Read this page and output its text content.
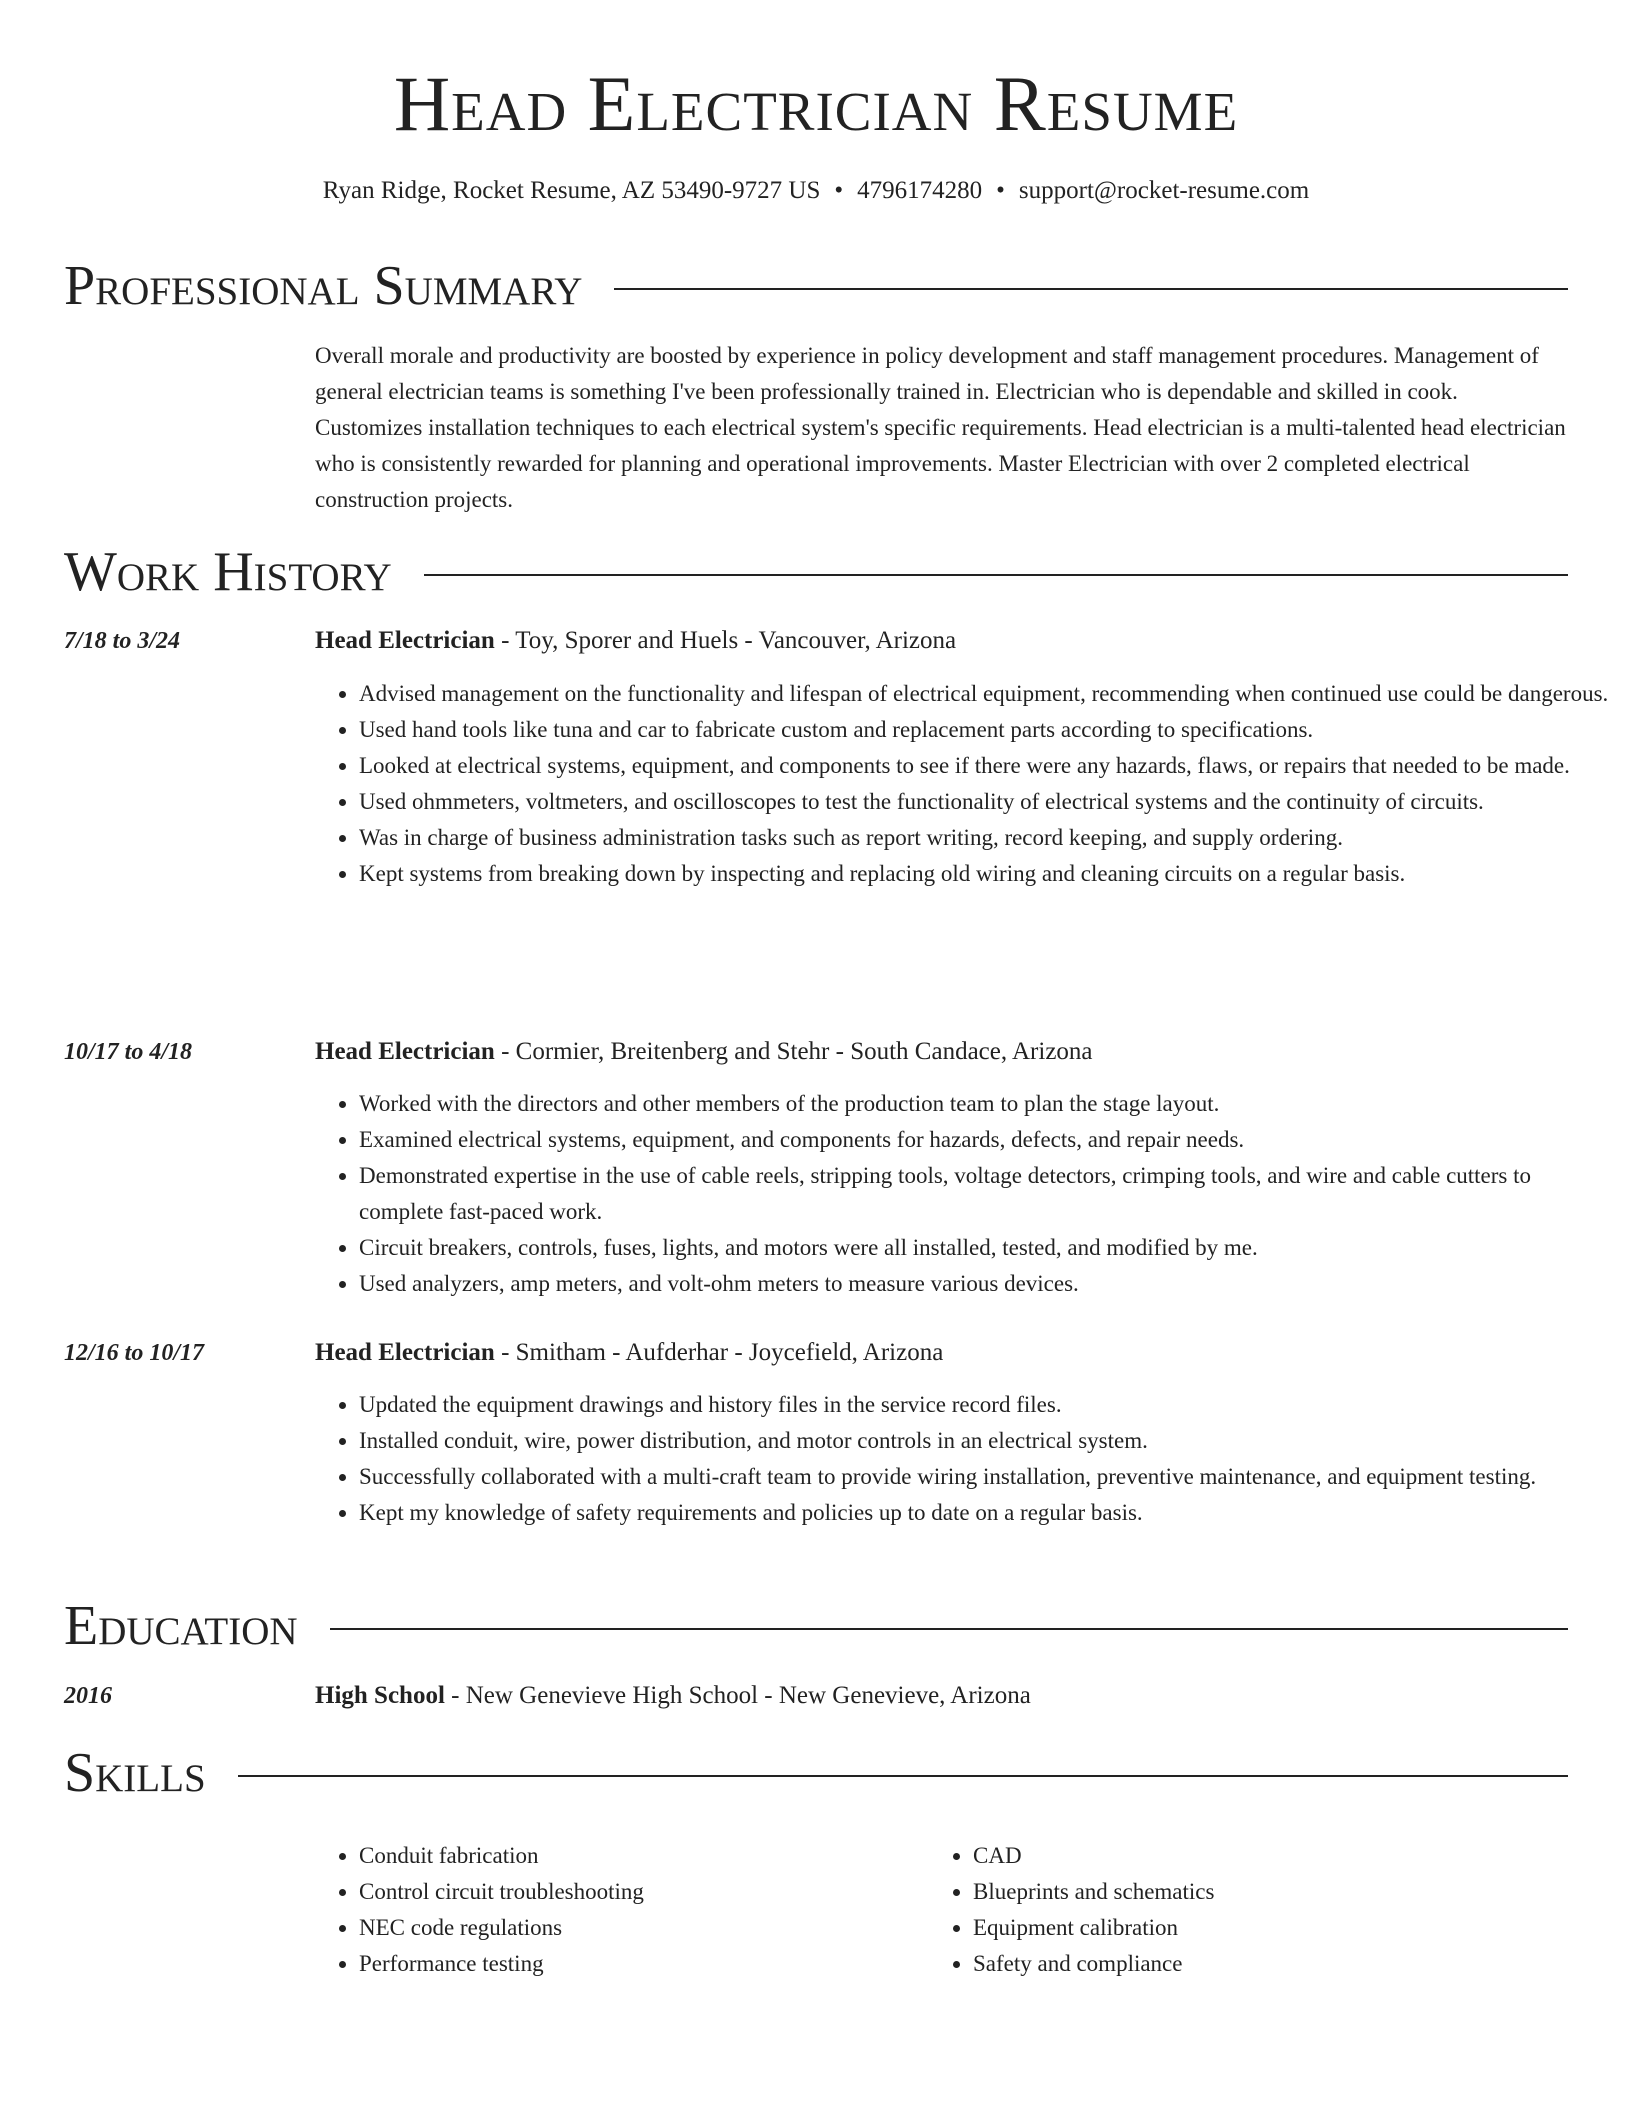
Head Electrician Resume
Ryan Ridge, Rocket Resume, AZ 53490-9727 US • 4796174280 • support@rocket-resume.com
Professional Summary
Overall morale and productivity are boosted by experience in policy development and staff management procedures. Management of general electrician teams is something I've been professionally trained in. Electrician who is dependable and skilled in cook. Customizes installation techniques to each electrical system's specific requirements. Head electrician is a multi-talented head electrician who is consistently rewarded for planning and operational improvements. Master Electrician with over 2 completed electrical construction projects.
Work History
7/18 to 3/24	Head Electrician - Toy, Sporer and Huels - Vancouver, Arizona
• Advised management on the functionality and lifespan of electrical equipment, recommending when continued use could be dangerous.
• Used hand tools like tuna and car to fabricate custom and replacement parts according to specifications.
• Looked at electrical systems, equipment, and components to see if there were any hazards, flaws, or repairs that needed to be made.
• Used ohmmeters, voltmeters, and oscilloscopes to test the functionality of electrical systems and the continuity of circuits.
• Was in charge of business administration tasks such as report writing, record keeping, and supply ordering.
• Kept systems from breaking down by inspecting and replacing old wiring and cleaning circuits on a regular basis.
10/17 to 4/18	Head Electrician - Cormier, Breitenberg and Stehr - South Candace, Arizona
• Worked with the directors and other members of the production team to plan the stage layout.
• Examined electrical systems, equipment, and components for hazards, defects, and repair needs.
• Demonstrated expertise in the use of cable reels, stripping tools, voltage detectors, crimping tools, and wire and cable cutters to complete fast-paced work.
• Circuit breakers, controls, fuses, lights, and motors were all installed, tested, and modified by me.
• Used analyzers, amp meters, and volt-ohm meters to measure various devices.
12/16 to 10/17	Head Electrician - Smitham - Aufderhar - Joycefield, Arizona
• Updated the equipment drawings and history files in the service record files.
• Installed conduit, wire, power distribution, and motor controls in an electrical system.
• Successfully collaborated with a multi-craft team to provide wiring installation, preventive maintenance, and equipment testing.
• Kept my knowledge of safety requirements and policies up to date on a regular basis.
Education
2016	High School - New Genevieve High School - New Genevieve, Arizona
Skills
• Conduit fabrication
• Control circuit troubleshooting
• NEC code regulations
• Performance testing
• CAD
• Blueprints and schematics
• Equipment calibration
• Safety and compliance
